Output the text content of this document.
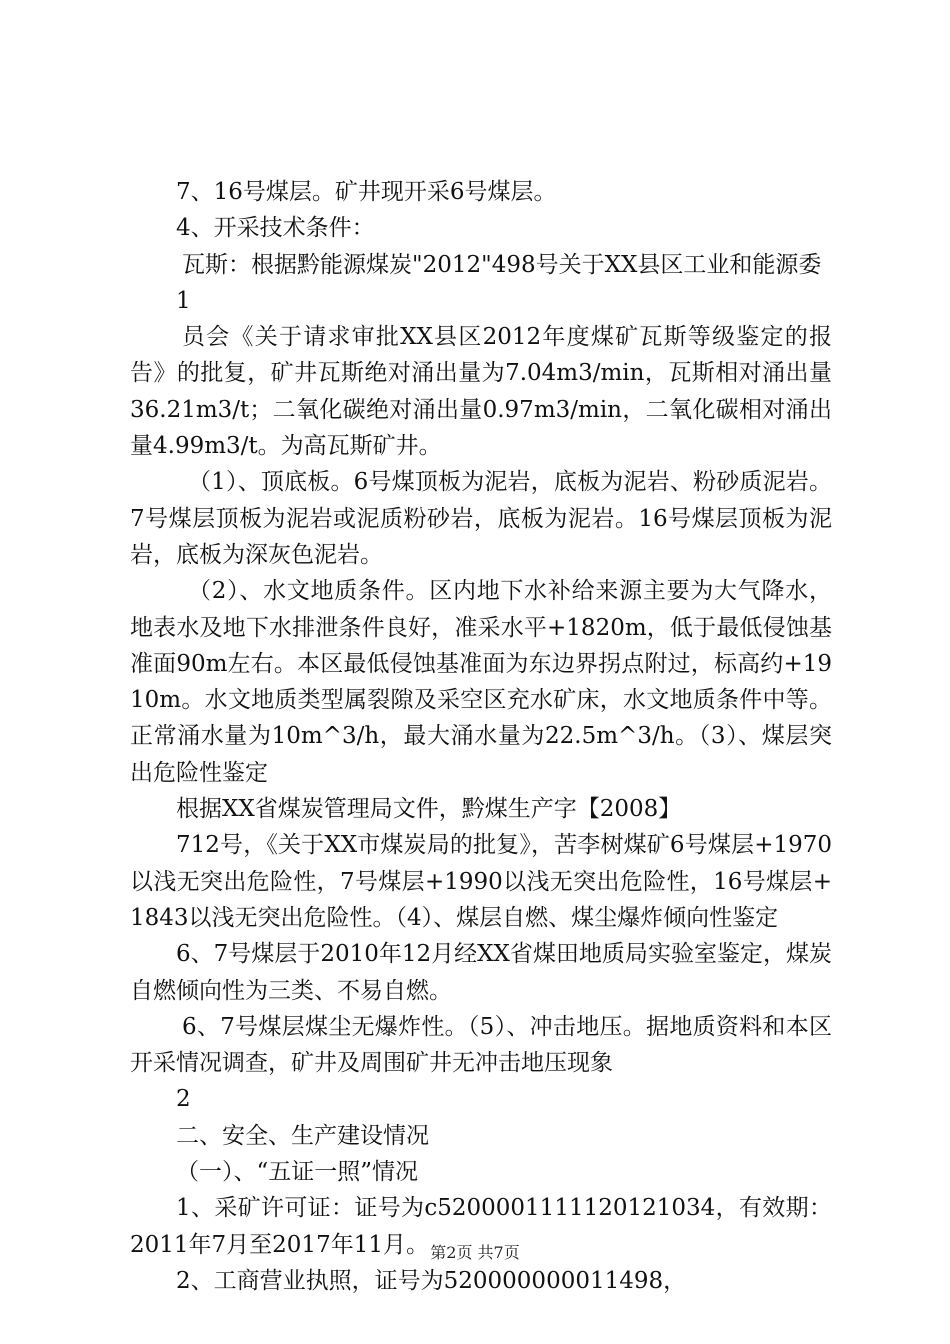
7、16号煤层。矿井现开采6号煤层。

4、开采技术条件：

瓦斯：根据黔能源煤炭"2012"498号关于XX县区工业和能源委

1

员会《关于请求审批XX县区2012年度煤矿瓦斯等级鉴定的报告》的批复，矿井瓦斯绝对涌出量为7.04m3/min，瓦斯相对涌出量36.21m3/t；二氧化碳绝对涌出量0.97m3/min，二氧化碳相对涌出量4.99m3/t。为高瓦斯矿井。

（1）、顶底板。6号煤顶板为泥岩，底板为泥岩、粉砂质泥岩。7号煤层顶板为泥岩或泥质粉砂岩，底板为泥岩。16号煤层顶板为泥岩，底板为深灰色泥岩。

（2）、水文地质条件。区内地下水补给来源主要为大气降水，地表水及地下水排泄条件良好，准采水平+1820m，低于最低侵蚀基准面90m左右。本区最低侵蚀基准面为东边界拐点附过，标高约+1910m。水文地质类型属裂隙及采空区充水矿床，水文地质条件中等。正常涌水量为10m^3/h，最大涌水量为22.5m^3/h。（3）、煤层突出危险性鉴定

根据XX省煤炭管理局文件，黔煤生产字【2008】

712号，《关于XX市煤炭局的批复》，苦李树煤矿6号煤层+1970以浅无突出危险性，7号煤层+1990以浅无突出危险性，16号煤层+1843以浅无突出危险性。（4）、煤层自燃、煤尘爆炸倾向性鉴定

6、7号煤层于2010年12月经XX省煤田地质局实验室鉴定，煤炭自燃倾向性为三类、不易自燃。

6、7号煤层煤尘无爆炸性。（5）、冲击地压。据地质资料和本区开采情况调查，矿井及周围矿井无冲击地压现象

2

二、安全、生产建设情况

（一）、“五证一照”情况

1、采矿许可证：证号为c5200001111120121034，有效期：2011年7月至2017年11月。

2、工商营业执照，证号为520000000011498，

第2页 共7页
